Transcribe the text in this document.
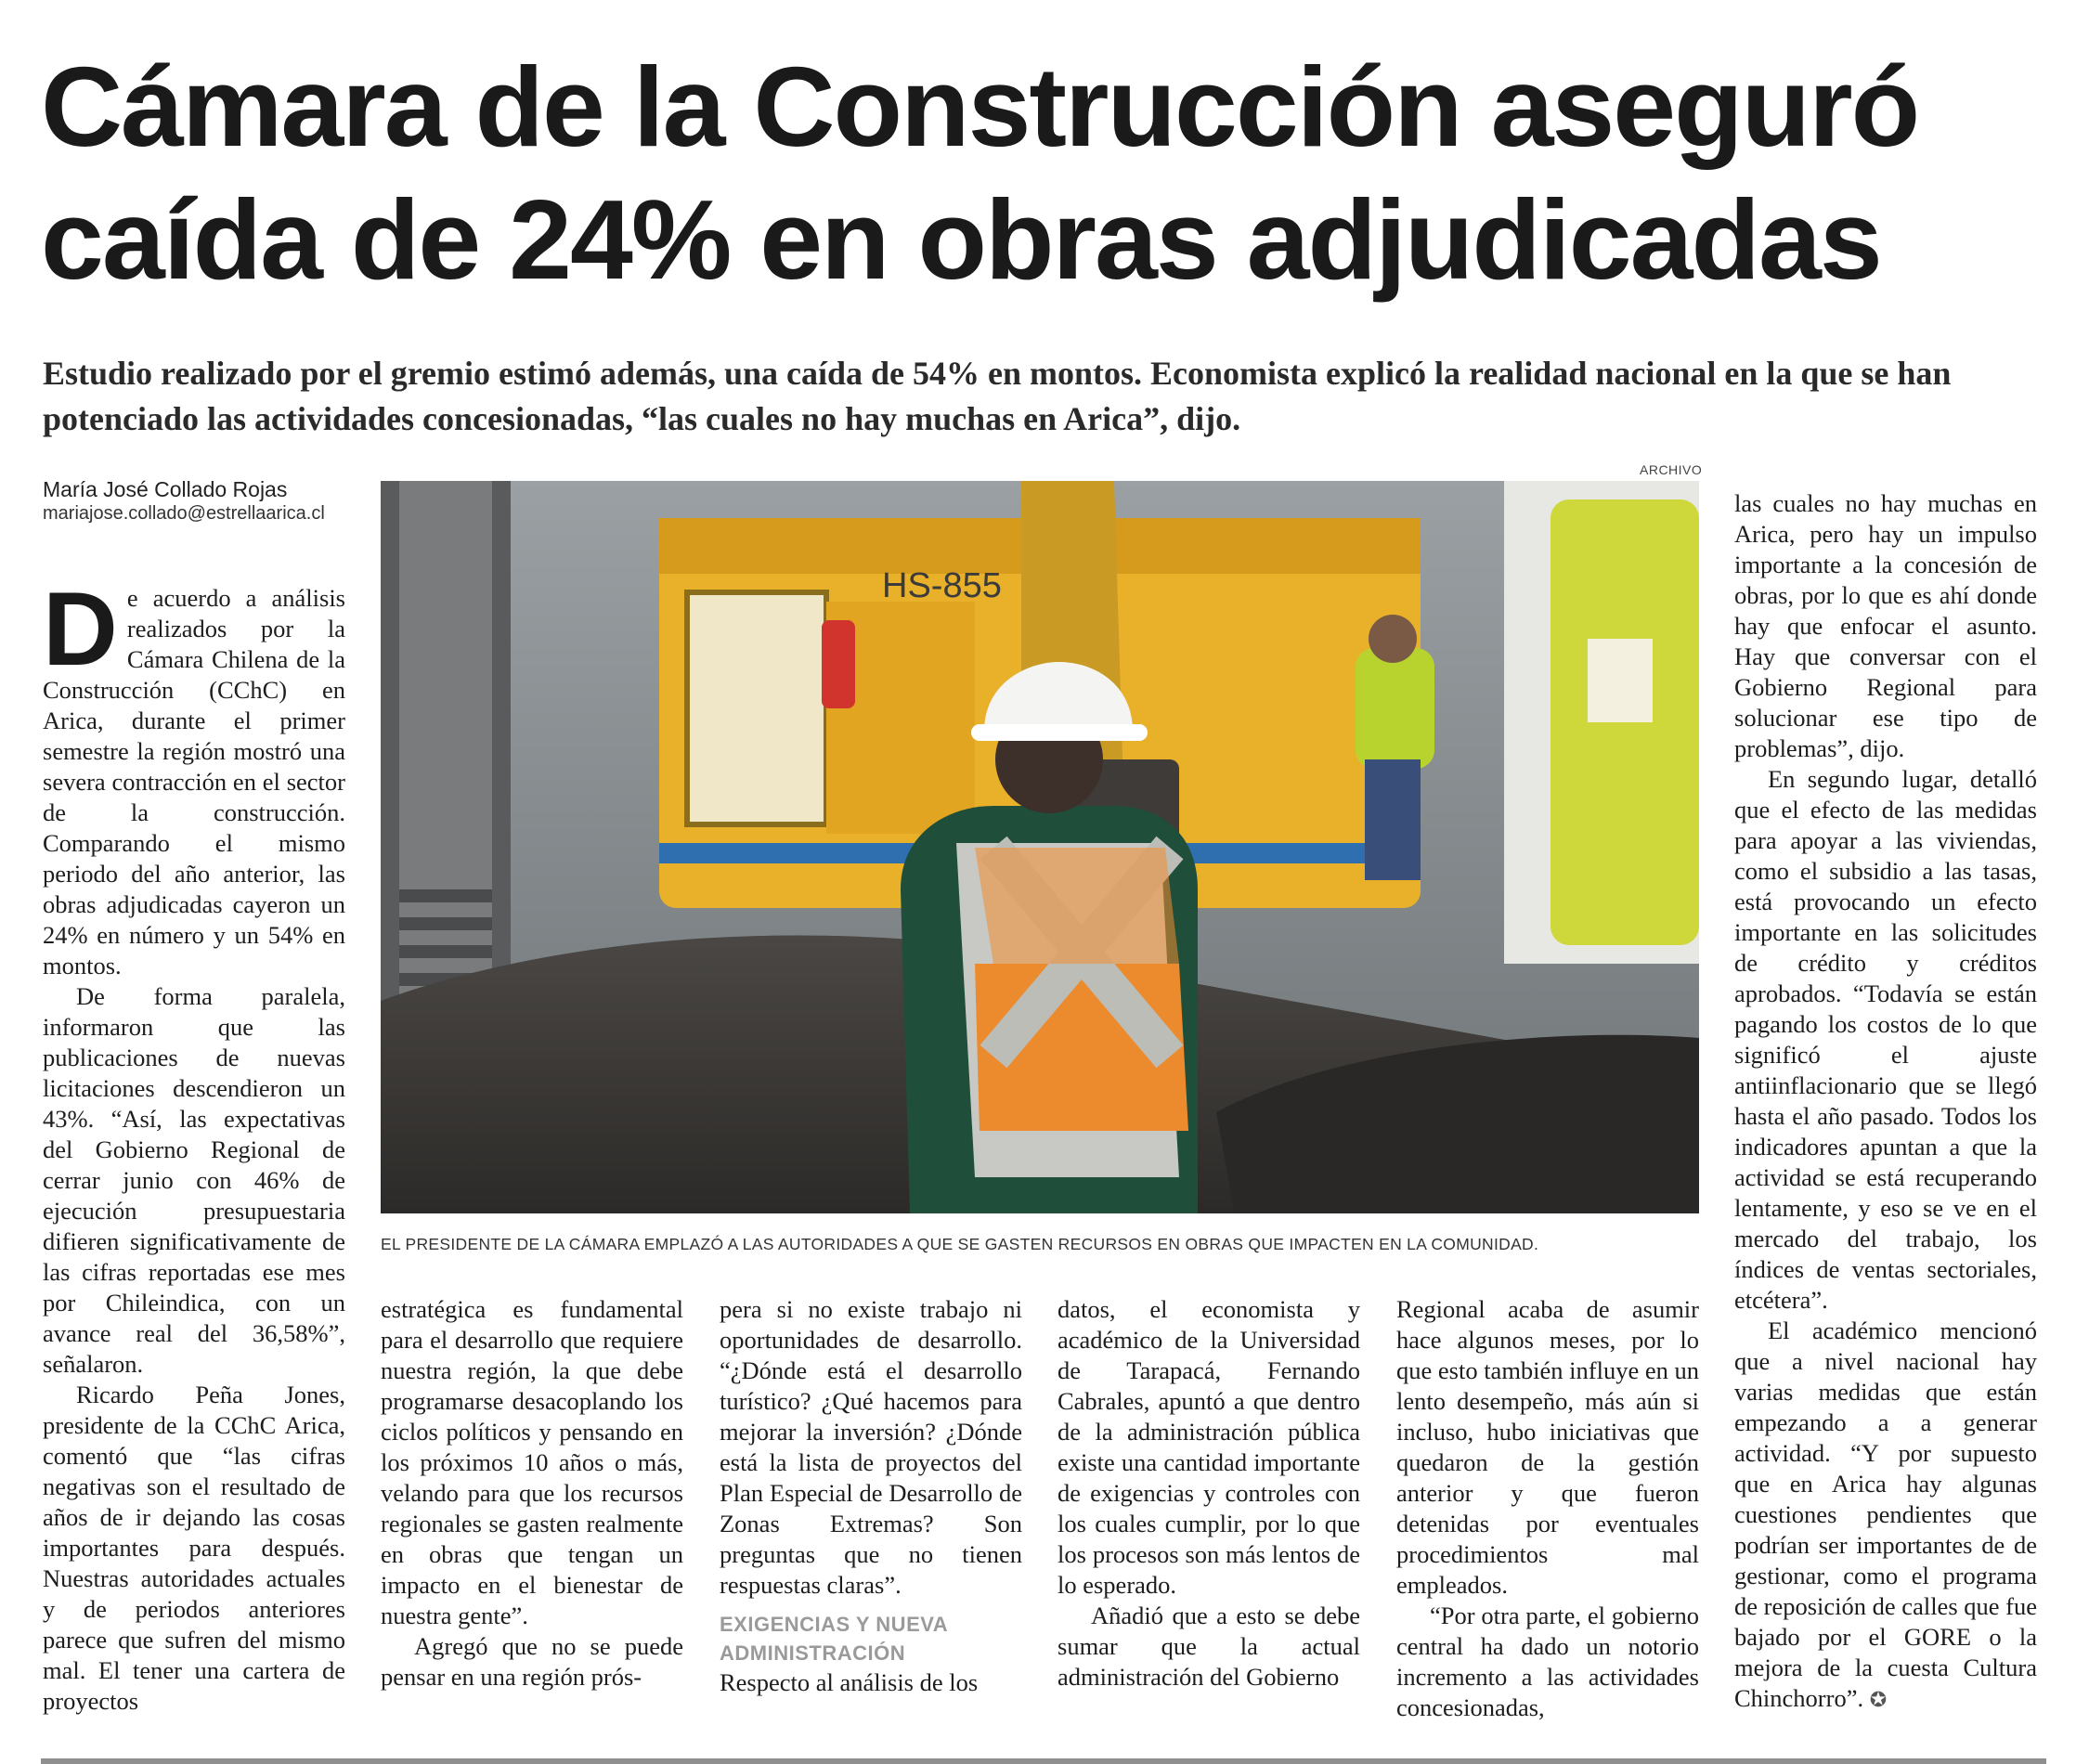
Cámara de la Construcción aseguró
caída de 24% en obras adjudicadas

Estudio realizado por el gremio estimó además, una caída de 54% en montos. Economista explicó la realidad nacional en la que se han potenciado las actividades concesionadas, “las cuales no hay muchas en Arica”, dijo.

María José Collado Rojas
mariajose.collado@estrellaarica.cl
ARCHIVO
HS-855
EL PRESIDENTE DE LA CÁMARA EMPLAZÓ A LAS AUTORIDADES A QUE SE GASTEN RECURSOS EN OBRAS QUE IMPACTEN EN LA COMUNIDAD.

De acuerdo a análisis realizados por la Cámara Chilena de la Construcción (CChC) en Arica, durante el primer semestre la región mostró una severa contracción en el sector de la construcción. Comparando el mismo periodo del año anterior, las obras adjudicadas cayeron un 24% en número y un 54% en montos.

De forma paralela, informaron que las publicaciones de nuevas licitaciones descendieron un 43%. “Así, las expectativas del Gobierno Regional de cerrar junio con 46% de ejecución presupuestaria difieren significativamente de las cifras reportadas ese mes por Chileindica, con un avance real del 36,58%”, señalaron.

Ricardo Peña Jones, presidente de la CChC Arica, comentó que “las cifras negativas son el resultado de años de ir dejando las cosas importantes para después. Nuestras autoridades actuales y de periodos anteriores parece que sufren del mismo mal. El tener una cartera de proyectos

estratégica es fundamental para el desarrollo que requiere nuestra región, la que debe programarse desacoplando los ciclos políticos y pensando en los próximos 10 años o más, velando para que los recursos regionales se gasten realmente en obras que tengan un impacto en el bienestar de nuestra gente”.

Agregó que no se puede pensar en una región prós-

pera si no existe trabajo ni oportunidades de desarrollo. “¿Dónde está el desarrollo turístico? ¿Qué hacemos para mejorar la inversión? ¿Dónde está la lista de proyectos del Plan Especial de Desarrollo de Zonas Extremas? Son preguntas que no tienen respuestas claras”.

EXIGENCIAS Y NUEVA ADMINISTRACIÓN

Respecto al análisis de los

datos, el economista y académico de la Universidad de Tarapacá, Fernando Cabrales, apuntó a que dentro de la administración pública existe una cantidad importante de exigencias y controles con los cuales cumplir, por lo que los procesos son más lentos de lo esperado.

Añadió que a esto se debe sumar que la actual administración del Gobierno

Regional acaba de asumir hace algunos meses, por lo que esto también influye en un lento desempeño, más aún si incluso, hubo iniciativas que quedaron de la gestión anterior y que fueron detenidas por eventuales procedimientos mal empleados.

“Por otra parte, el gobierno central ha dado un notorio incremento a las actividades concesionadas,

las cuales no hay muchas en Arica, pero hay un impulso importante a la concesión de obras, por lo que es ahí donde hay que enfocar el asunto. Hay que conversar con el Gobierno Regional para solucionar ese tipo de problemas”, dijo.

En segundo lugar, detalló que el efecto de las medidas para apoyar a las viviendas, como el subsidio a las tasas, está provocando un efecto importante en las solicitudes de crédito y créditos aprobados. “Todavía se están pagando los costos de lo que significó el ajuste antiinflacionario que se llegó hasta el año pasado. Todos los indicadores apuntan a que la actividad se está recuperando lentamente, y eso se ve en el mercado del trabajo, los índices de ventas sectoriales, etcétera”.

El académico mencionó que a nivel nacional hay varias medidas que están empezando a a generar actividad. “Y por supuesto que en Arica hay algunas cuestiones pendientes que podrían ser importantes de de gestionar, como el programa de reposición de calles que fue bajado por el GORE o la mejora de la cuesta Cultura Chinchorro”. ✪
